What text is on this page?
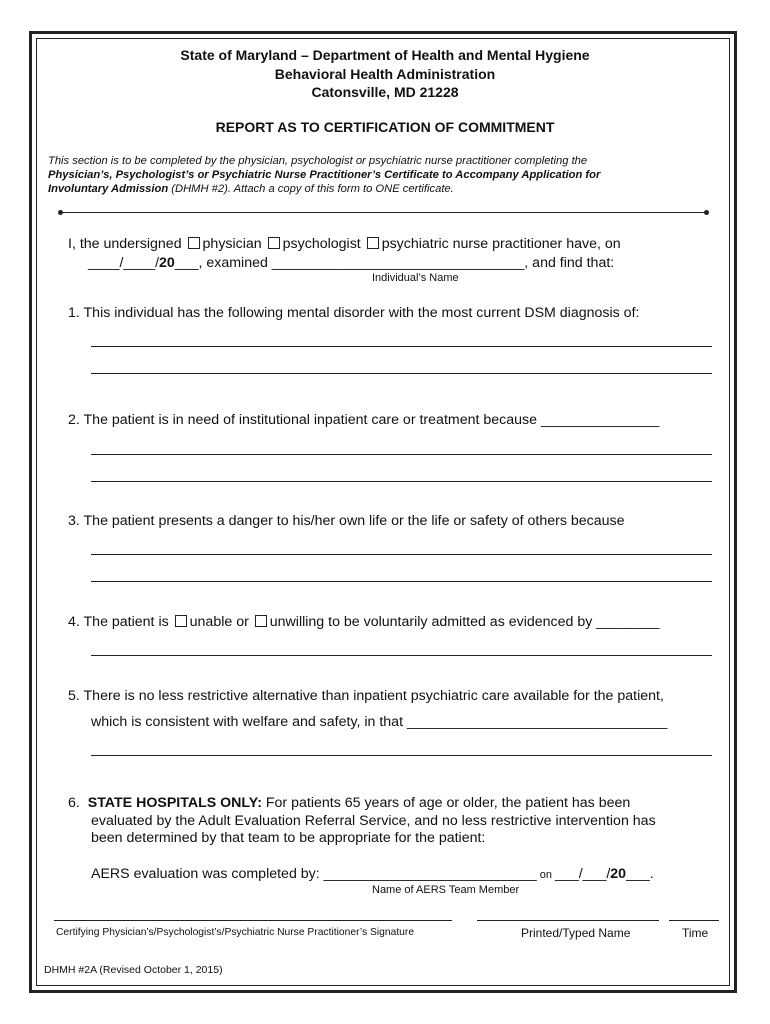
State of Maryland – Department of Health and Mental Hygiene
Behavioral Health Administration
Catonsville, MD 21228
REPORT AS TO CERTIFICATION OF COMMITMENT
This section is to be completed by the physician, psychologist or psychiatric nurse practitioner completing the
Physician’s, Psychologist’s or Psychiatric Nurse Practitioner’s Certificate to Accompany Application for
Involuntary Admission (DHMH #2). Attach a copy of this form to ONE certificate.
I, the undersigned physician psychologist psychiatric nurse practitioner have, on
____/____/20___, examined ________________________________, and find that:
Individual’s Name
1. This individual has the following mental disorder with the most current DSM diagnosis of:
2. The patient is in need of institutional inpatient care or treatment because _______________
3. The patient presents a danger to his/her own life or the life or safety of others because
4. The patient is unable or unwilling to be voluntarily admitted as evidenced by ________
5. There is no less restrictive alternative than inpatient psychiatric care available for the patient,
which is consistent with welfare and safety, in that _________________________________
6. STATE HOSPITALS ONLY: For patients 65 years of age or older, the patient has been
evaluated by the Adult Evaluation Referral Service, and no less restrictive intervention has
been determined by that team to be appropriate for the patient:
AERS evaluation was completed by: ___________________________ on ___/___/20___.
Name of AERS Team Member
Certifying Physician’s/Psychologist’s/Psychiatric Nurse Practitioner’s Signature	Printed/Typed Name	Time
DHMH #2A (Revised October 1, 2015)
